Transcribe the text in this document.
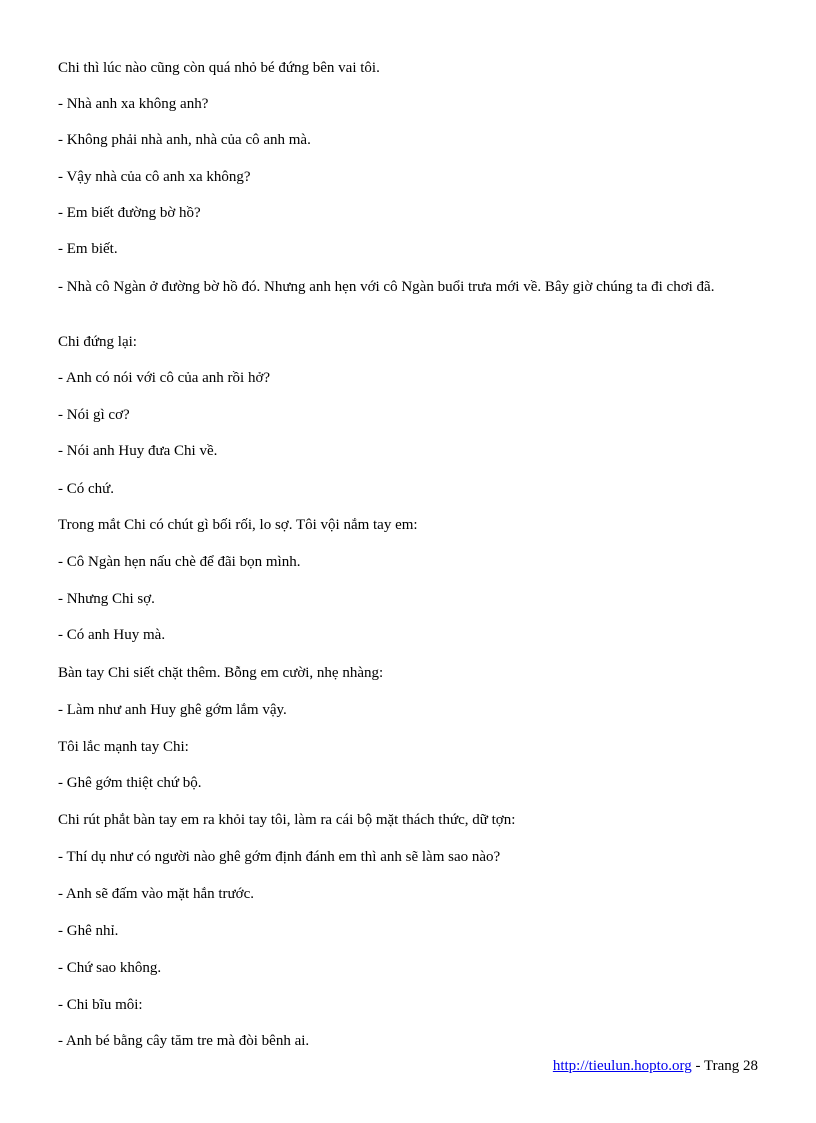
Chi thì lúc nào cũng còn quá nhỏ bé đứng bên vai tôi.

- Nhà anh xa không anh?

- Không phải nhà anh, nhà của cô anh mà.

- Vậy nhà của cô anh xa không?

- Em biết đường bờ hồ?

- Em biết.

- Nhà cô Ngàn ở đường bờ hồ đó. Nhưng anh hẹn với cô Ngàn buổi trưa mới về. Bây giờ chúng ta đi chơi đã.

Chi đứng lại:

- Anh có nói với cô của anh rồi hở?

- Nói gì cơ?

- Nói anh Huy đưa Chi về.

- Có chứ.

Trong mắt Chi có chút gì bối rối, lo sợ. Tôi vội nắm tay em:

- Cô Ngàn hẹn nấu chè để đãi bọn mình.

- Nhưng Chi sợ.

- Có anh Huy mà.

Bàn tay Chi siết chặt thêm. Bỗng em cười, nhẹ nhàng:

- Làm như anh Huy ghê gớm lắm vậy.

Tôi lắc mạnh tay Chi:

- Ghê gớm thiệt chứ bộ.

Chi rút phắt bàn tay em ra khỏi tay tôi, làm ra cái bộ mặt thách thức, dữ tợn:

- Thí dụ như có người nào ghê gớm định đánh em thì anh sẽ làm sao nào?

- Anh sẽ đấm vào mặt hắn trước.

- Ghê nhỉ.

- Chứ sao không.

- Chi bĩu môi:

- Anh bé bằng cây tăm tre mà đòi bênh ai.

http://tieulun.hopto.org - Trang 28
